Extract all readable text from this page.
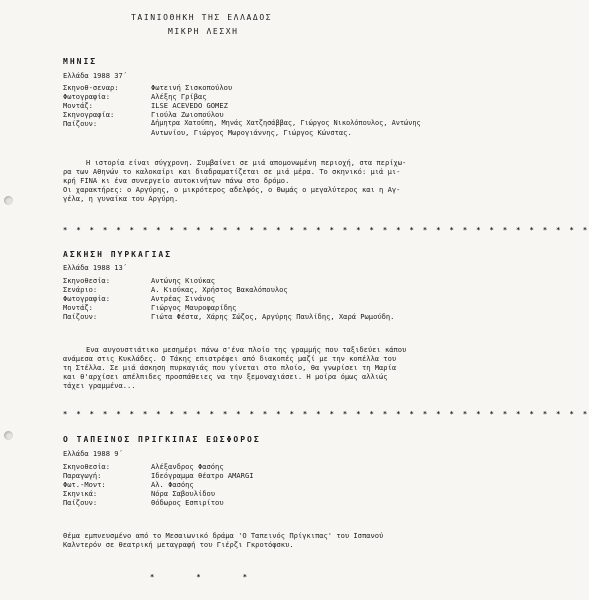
ΤΑΙΝΙΟΘΗΚΗ ΤΗΣ ΕΛΛΑΔΟΣ
ΜΙΚΡΗ ΛΕΣΧΗ
ΜΗΝΙΣ
Ελλάδα 1988 37΄
Σκηνοθ-σεναρ:	Φωτεινή Σισκοπούλου
Φωτογραφία:	Αλέξης Γρίβας
Μοντάζ:	ILSE ACEVEDO GOMEZ
Σκηνογραφία:	Γιούλα Ζωιοπούλου
Παίζουν:	Δήμητρα Χατούπη, Μηνάς Χατζησάββας, Γιώργος Νικολόπουλος, Αντώνης
Αντωνίου, Γιώργος Μωρογιάννης, Γιώργος Κώνστας.
Η ιστορία είναι σύγχρονη. Συμβαίνει σε μιά απομονωμένη περιοχή, στα περίχω-
ρα των Αθηνών τo καλοκαίρι και διαδραματίζεται σε μιά μέρα. Το σκηνικό: μιά μι-
κρή FINA κι ένα συνεργείο αυτοκινήτων πάνω στο δρόμο.
Οι χαρακτήρες: ο Αργύρης, ο μικρότερος αδελφός, ο Θωμάς ο μεγαλύτερος και η Αγ-
γέλα, η γυναίκα του Αργύρη.
* * * * * * * * * * * * * * * * * * * * * * * * * * * * * * * * * * * * * * * *
ΑΣΚΗΣΗ ΠΥΡΚΑΓΙΑΣ
Ελλάδα 1988 13΄
Σκηνοθεσία:	Αντώνης Κιούκας
Σενάριο:	Α. Κιούκας, Χρήστος Βακαλόπουλος
Φωτογραφία:	Αντρέας Σινάνος
Μοντάζ:	Γιώργος Μαυροφαρίδης
Παίζουν:	Γιώτα Φέστα, Χάρης Σώζος, Αργύρης Παυλίδης, Χαρά Ρωμούδη.
Ενα αυγουστιάτικο μεσημέρι πάνω σ'ένα πλοίο της γραμμής που ταξιδεύει κάπου
ανάμεσα στις Κυκλάδες. Ο Τάκης επιστρέφει από διακοπές μαζί με την κοπέλλα του
τη Στέλλα. Σε μιά άσκηση πυρκαγιάς που γίνεται στο πλοίο, θα γνωρίσει τη Μαρία
και θ'αρχίσει απέλπιδες προσπάθειες να την ξεμοναχιάσει. Η μοίρα όμως αλλιώς
τάχει γραμμένα...
* * * * * * * * * * * * * * * * * * * * * * * * * * * * * * * * * * * * * * * *
Ο ΤΑΠΕΙΝΟΣ ΠΡΙΓΚΙΠΑΣ ΕΩΣΦΟΡΟΣ
Ελλάδα 1988 9΄
Σκηνοθεσία:	Αλέξανδρος Φασόης
Παραγωγή:	Ιδεόγραμμα θέατρο AMARGI
Φωτ.-Μοντ:	Αλ. Φασόης
Σκηνικά:	Νόρα Σαβουλίδου
Παίζουν:	Θόδωρος Εσπιρίτου
Θέμα εμπνευσμένο από το Μεσαιωνικό δράμα 'Ο Ταπεινός Πρίγκιπας' του Ισπανού
Καλντερόν σε θεατρική μεταγραφή του Γιέρζι Γκροτόφσκυ.
*          *          *
